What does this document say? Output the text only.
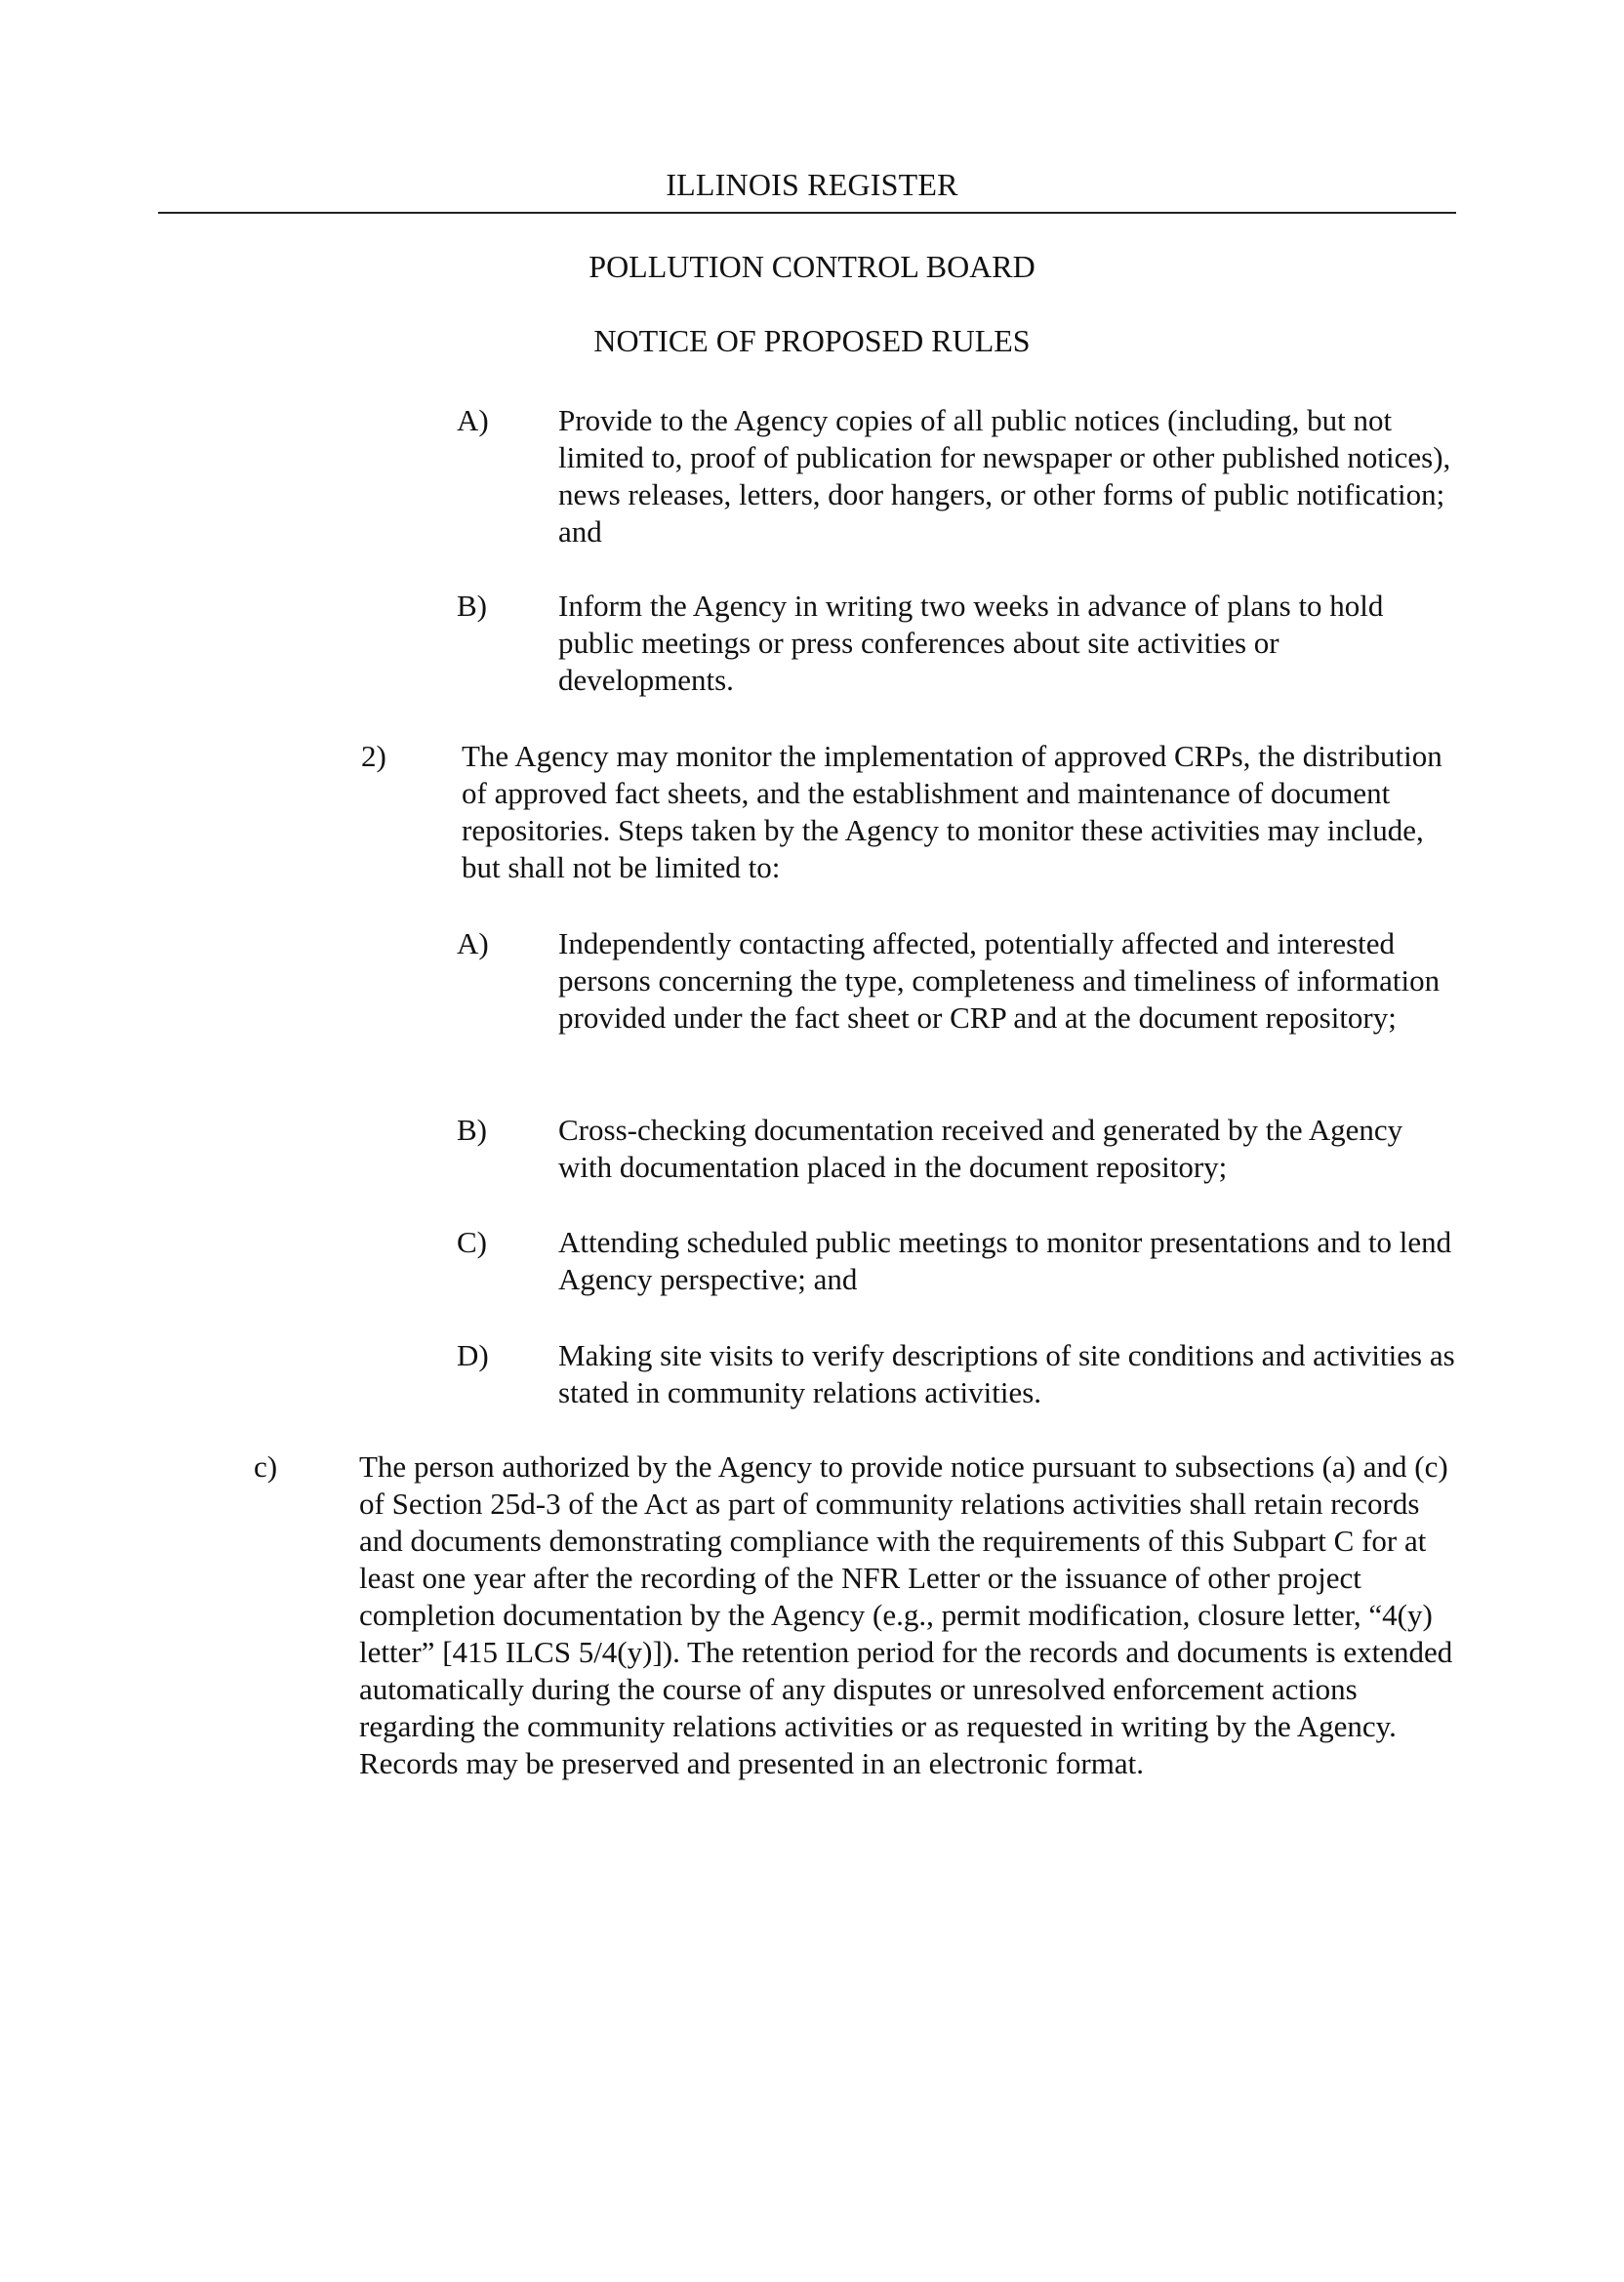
ILLINOIS REGISTER
POLLUTION CONTROL BOARD
NOTICE OF PROPOSED RULES
A) Provide to the Agency copies of all public notices (including, but not limited to, proof of publication for newspaper or other published notices), news releases, letters, door hangers, or other forms of public notification; and
B) Inform the Agency in writing two weeks in advance of plans to hold public meetings or press conferences about site activities or developments.
2) The Agency may monitor the implementation of approved CRPs, the distribution of approved fact sheets, and the establishment and maintenance of document repositories. Steps taken by the Agency to monitor these activities may include, but shall not be limited to:
A) Independently contacting affected, potentially affected and interested persons concerning the type, completeness and timeliness of information provided under the fact sheet or CRP and at the document repository;
B) Cross-checking documentation received and generated by the Agency with documentation placed in the document repository;
C) Attending scheduled public meetings to monitor presentations and to lend Agency perspective; and
D) Making site visits to verify descriptions of site conditions and activities as stated in community relations activities.
c)	The person authorized by the Agency to provide notice pursuant to subsections (a) and (c) of Section 25d-3 of the Act as part of community relations activities shall retain records and documents demonstrating compliance with the requirements of this Subpart C for at least one year after the recording of the NFR Letter or the issuance of other project completion documentation by the Agency (e.g., permit modification, closure letter, “4(y) letter” [415 ILCS 5/4(y)]). The retention period for the records and documents is extended automatically during the course of any disputes or unresolved enforcement actions regarding the community relations activities or as requested in writing by the Agency. Records may be preserved and presented in an electronic format.
